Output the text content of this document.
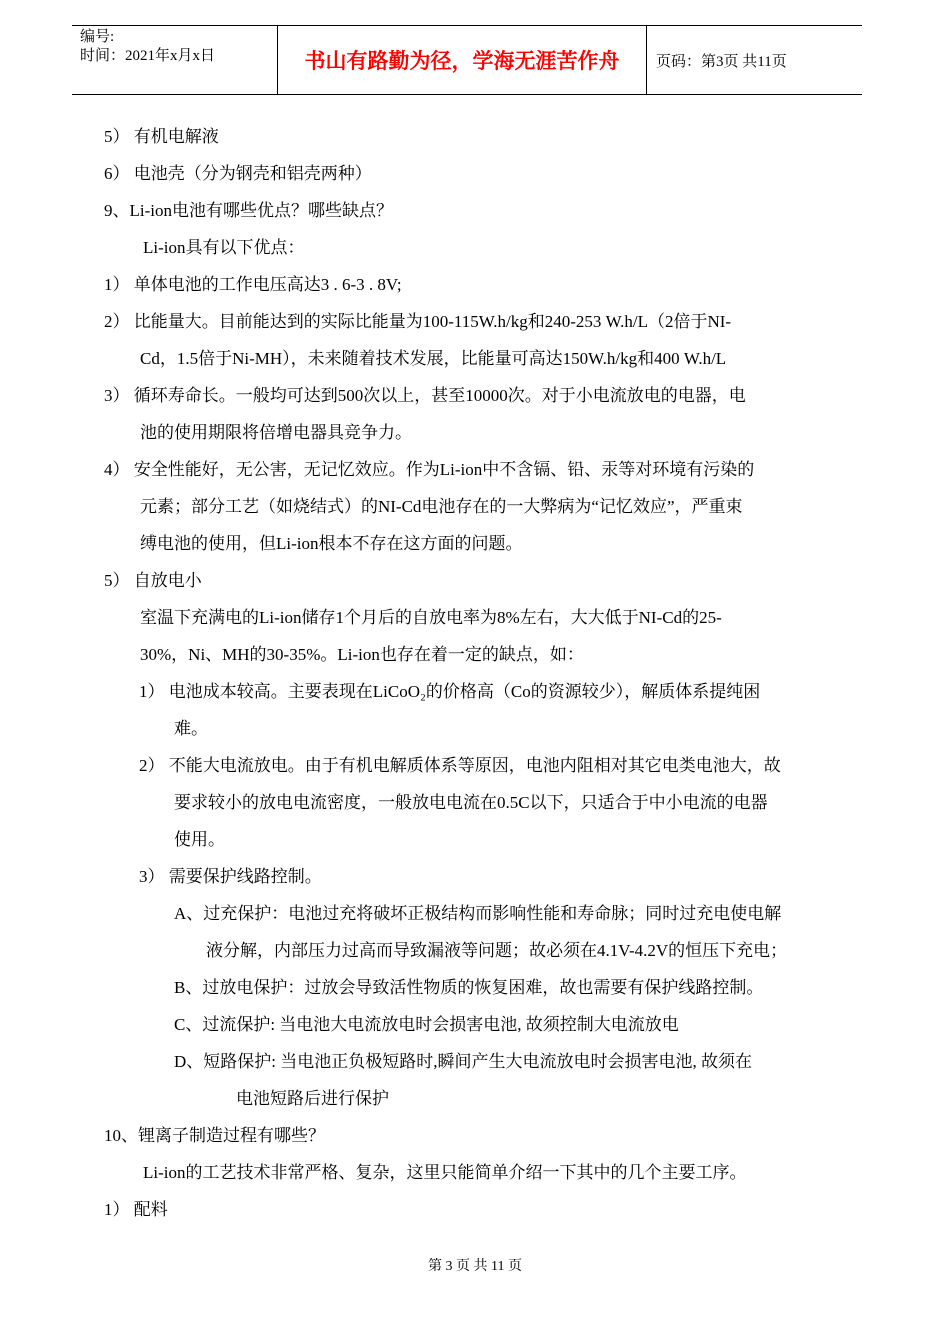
编号:
时间：2021年x月x日	书山有路勤为径，学海无涯苦作舟	页码：第3页 共11页
5） 有机电解液
6） 电池壳（分为钢壳和铝壳两种）
9、Li-ion电池有哪些优点？哪些缺点？
Li-ion具有以下优点：
1） 单体电池的工作电压高达3 . 6-3 . 8V;
2） 比能量大。目前能达到的实际比能量为100-115W.h/kg和240-253 W.h/L（2倍于NI-
Cd，1.5倍于Ni-MH），未来随着技术发展，比能量可高达150W.h/kg和400 W.h/L
3） 循环寿命长。一般均可达到500次以上，甚至10000次。对于小电流放电的电器，电
池的使用期限将倍增电器具竞争力。
4） 安全性能好，无公害，无记忆效应。作为Li-ion中不含镉、铅、汞等对环境有污染的
元素；部分工艺（如烧结式）的NI-Cd电池存在的一大弊病为“记忆效应”，严重束
缚电池的使用，但Li-ion根本不存在这方面的问题。
5） 自放电小
室温下充满电的Li-ion储存1个月后的自放电率为8%左右，大大低于NI-Cd的25-
30%，Ni、MH的30-35%。Li-ion也存在着一定的缺点，如：
1） 电池成本较高。主要表现在LiCoO₂的价格高（Co的资源较少），解质体系提纯困
难。
2） 不能大电流放电。由于有机电解质体系等原因，电池内阻相对其它电类电池大，故
要求较小的放电电流密度，一般放电电流在0.5C以下，只适合于中小电流的电器
使用。
3） 需要保护线路控制。
A、过充保护：电池过充将破坏正极结构而影响性能和寿命脉；同时过充电使电解
液分解，内部压力过高而导致漏液等问题；故必须在4.1V-4.2V的恒压下充电；
B、过放电保护：过放会导致活性物质的恢复困难，故也需要有保护线路控制。
C、过流保护: 当电池大电流放电时会损害电池, 故须控制大电流放电
D、短路保护: 当电池正负极短路时,瞬间产生大电流放电时会损害电池, 故须在
电池短路后进行保护
10、锂离子制造过程有哪些？
Li-ion的工艺技术非常严格、复杂，这里只能简单介绍一下其中的几个主要工序。
1） 配料
第 3 页 共 11 页
